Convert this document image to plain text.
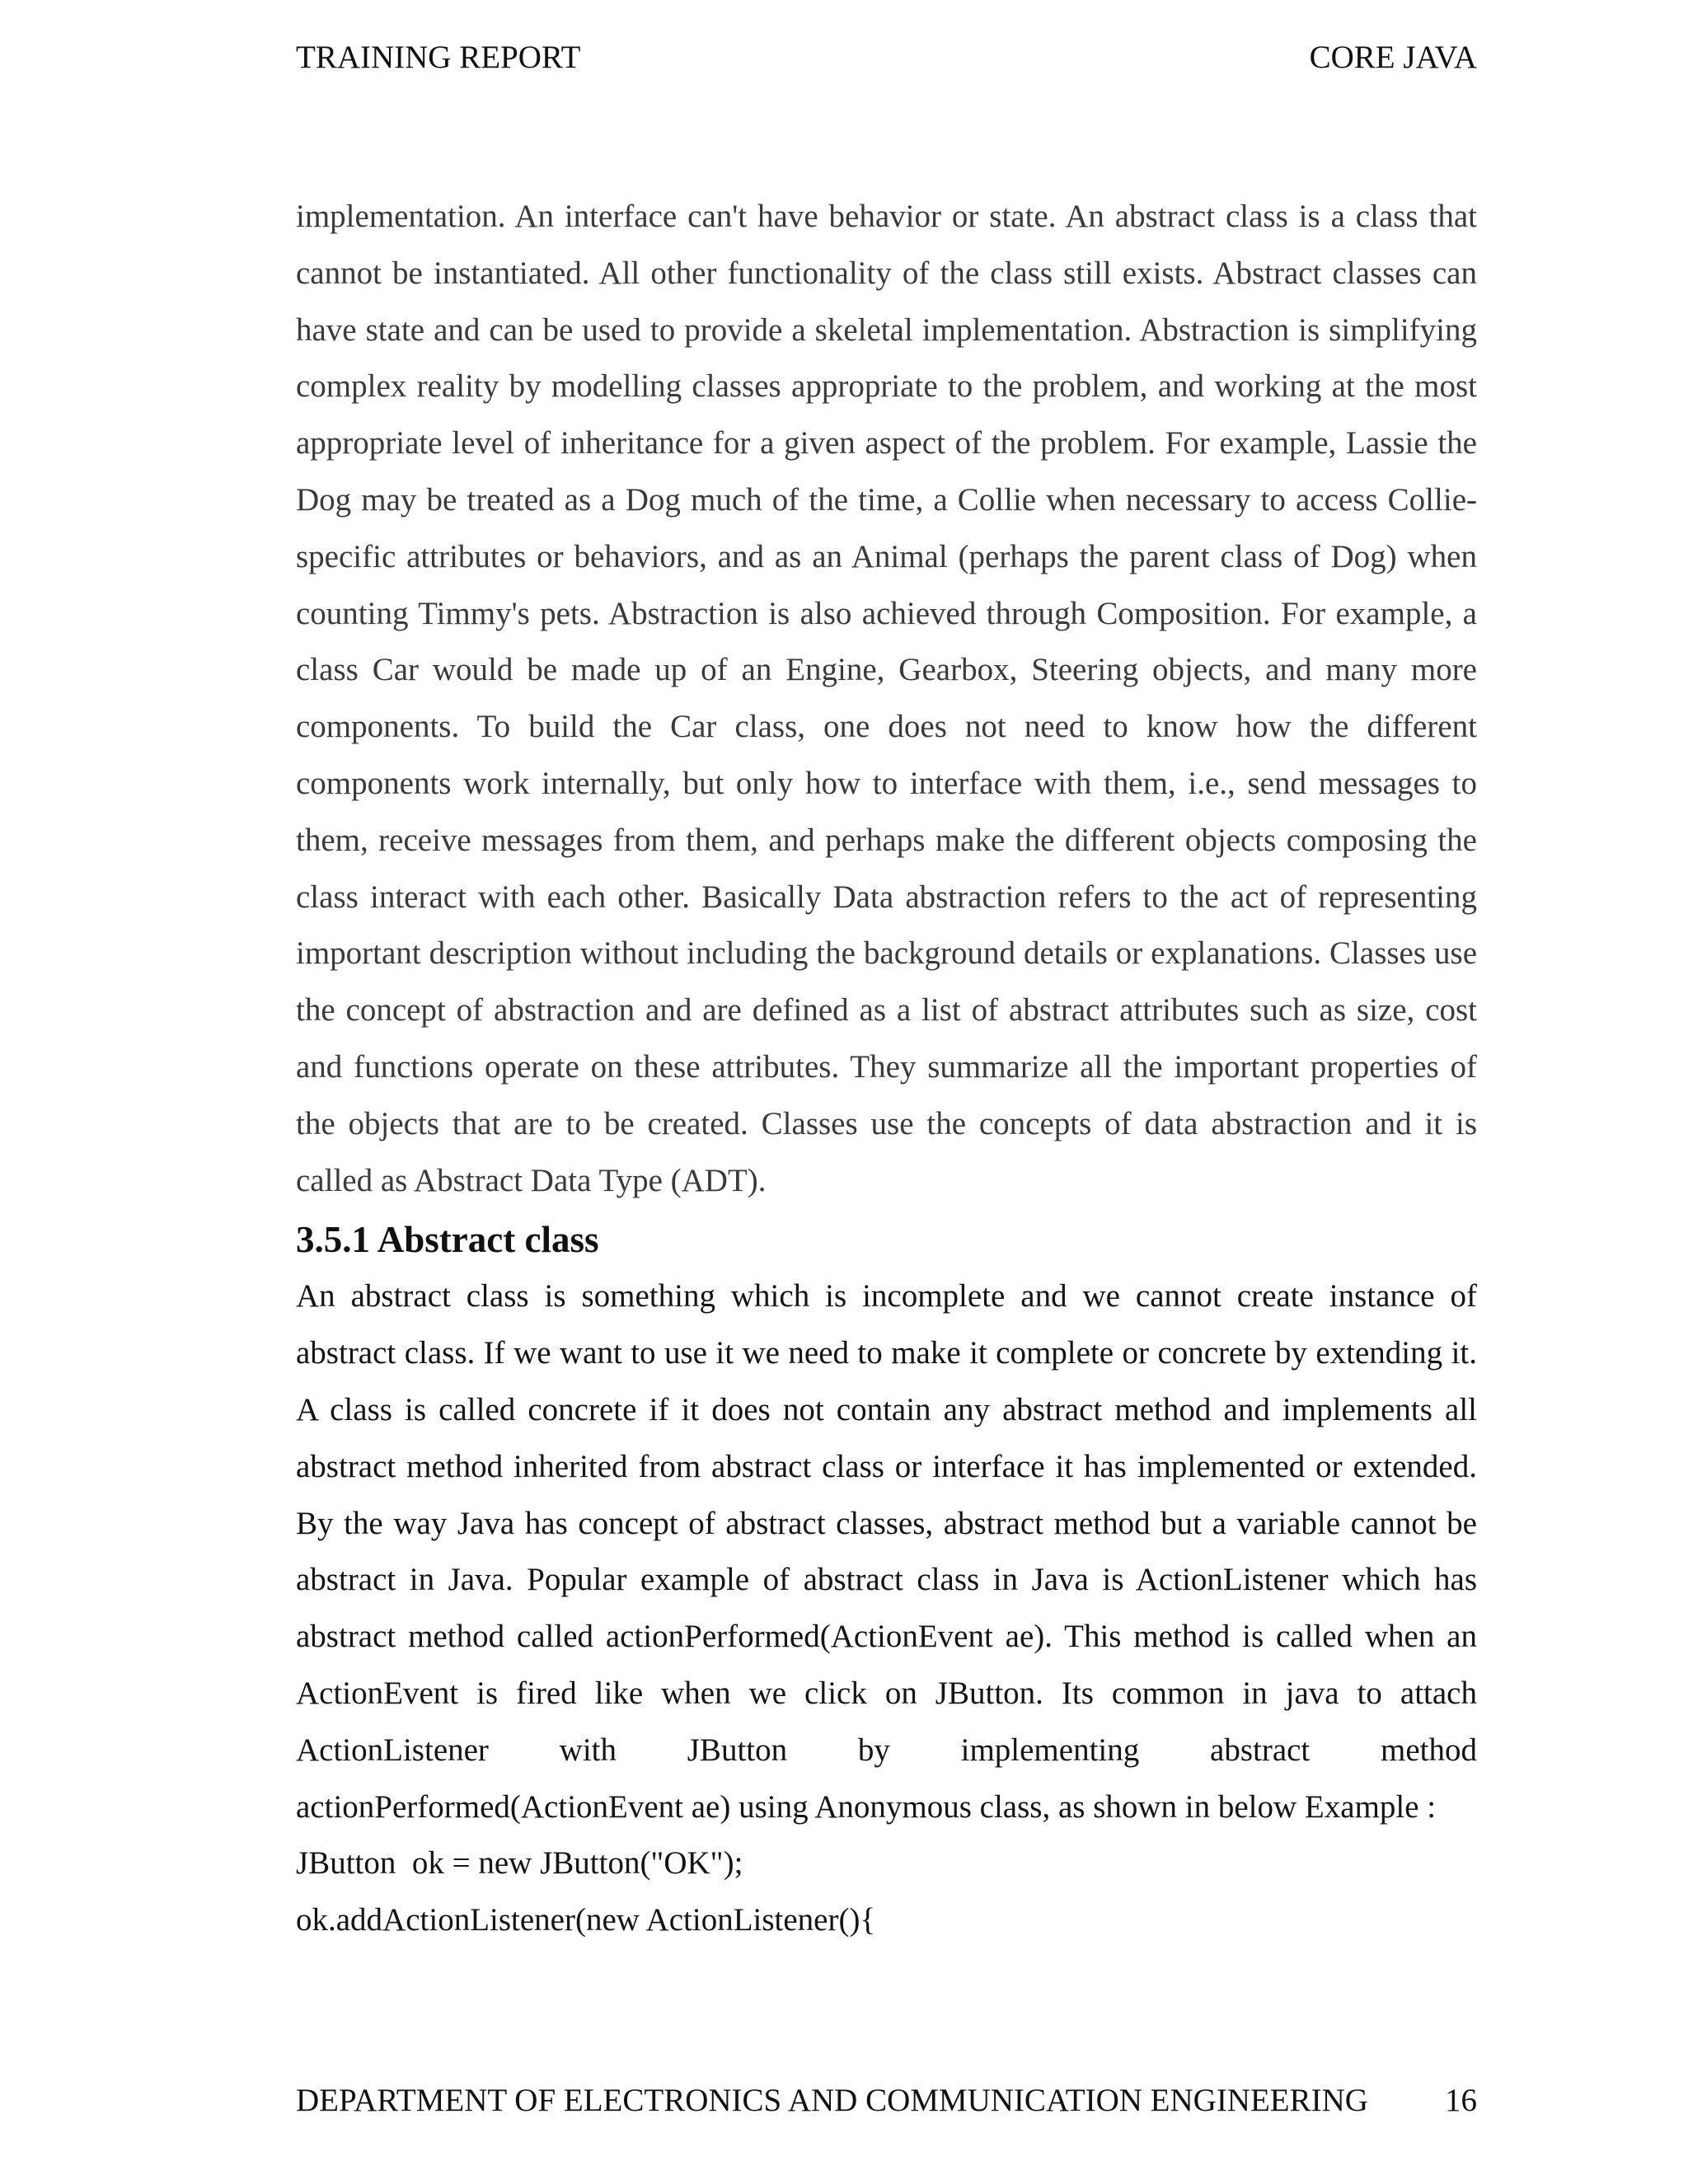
TRAINING REPORT	CORE JAVA

implementation. An interface can't have behavior or state. An abstract class is a class that cannot be instantiated. All other functionality of the class still exists. Abstract classes can have state and can be used to provide a skeletal implementation. Abstraction is simplifying complex reality by modelling classes appropriate to the problem, and working at the most appropriate level of inheritance for a given aspect of the problem. For example, Lassie the Dog may be treated as a Dog much of the time, a Collie when necessary to access Collie-specific attributes or behaviors, and as an Animal (perhaps the parent class of Dog) when counting Timmy's pets. Abstraction is also achieved through Composition. For example, a class Car would be made up of an Engine, Gearbox, Steering objects, and many more components. To build the Car class, one does not need to know how the different components work internally, but only how to interface with them, i.e., send messages to them, receive messages from them, and perhaps make the different objects composing the class interact with each other. Basically Data abstraction refers to the act of representing important description without including the background details or explanations. Classes use the concept of abstraction and are defined as a list of abstract attributes such as size, cost and functions operate on these attributes. They summarize all the important properties of the objects that are to be created. Classes use the concepts of data abstraction and it is called as Abstract Data Type (ADT).

3.5.1 Abstract class

An abstract class is something which is incomplete and we cannot create instance of abstract class. If we want to use it we need to make it complete or concrete by extending it. A class is called concrete if it does not contain any abstract method and implements all abstract method inherited from abstract class or interface it has implemented or extended. By the way Java has concept of abstract classes, abstract method but a variable cannot be abstract in Java. Popular example of abstract class in Java is ActionListener which has abstract method called actionPerformed(ActionEvent ae). This method is called when an ActionEvent is fired like when we click on JButton. Its common in java to attach ActionListener with JButton by implementing abstract method actionPerformed(ActionEvent ae) using Anonymous class, as shown in below Example :

JButton  ok = new JButton("OK");

ok.addActionListener(new ActionListener(){

DEPARTMENT OF ELECTRONICS AND COMMUNICATION ENGINEERING 16
